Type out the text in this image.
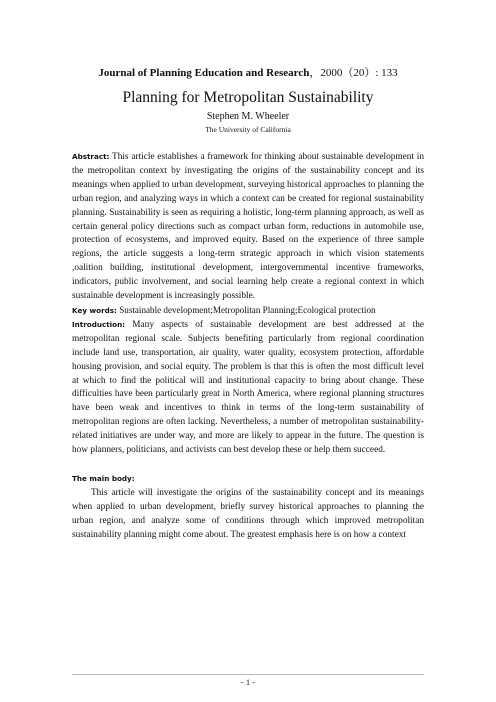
Journal of Planning Education and Research，2000（20）: 133
Planning for Metropolitan Sustainability
Stephen M. Wheeler
The University of California

Abstract: This article establishes a framework for thinking about sustainable development in the metropolitan context by investigating the origins of the sustainability concept and its meanings when applied to urban development, surveying historical approaches to planning the urban region, and analyzing ways in which a context can be created for regional sustainability planning. Sustainability is seen as requiring a holistic, long-term planning approach, as well as certain general policy directions such as compact urban form, reductions in automobile use, protection of ecosystems, and improved equity. Based on the experience of three sample regions, the article suggests a long-term strategic approach in which vision statements ,oalition building, institutional development, intergovernmental incentive frameworks, indicators, public involvement, and social learning help create a regional context in which sustainable development is increasingly possible.

Key words: Sustainable development;Metropolitan Planning;Ecological protection

Introduction: Many aspects of sustainable development are best addressed at the metropolitan regional scale. Subjects benefiting particularly from regional coordination include land use, transportation, air quality, water quality, ecosystem protection, affordable housing provision, and social equity. The problem is that this is often the most difficult level at which to find the political will and institutional capacity to bring about change. These difficulties have been particularly great in North America, where regional planning structures have been weak and incentives to think in terms of the long-term sustainability of metropolitan regions are often lacking. Nevertheless, a number of metropolitan sustainability-related initiatives are under way, and more are likely to appear in the future. The question is how planners, politicians, and activists can best develop these or help them succeed.

The main body:

This article will investigate the origins of the sustainability concept and its meanings when applied to urban development, briefly survey historical approaches to planning the urban region, and analyze some of conditions through which improved metropolitan sustainability planning might come about. The greatest emphasis here is on how a context

- 1 -
